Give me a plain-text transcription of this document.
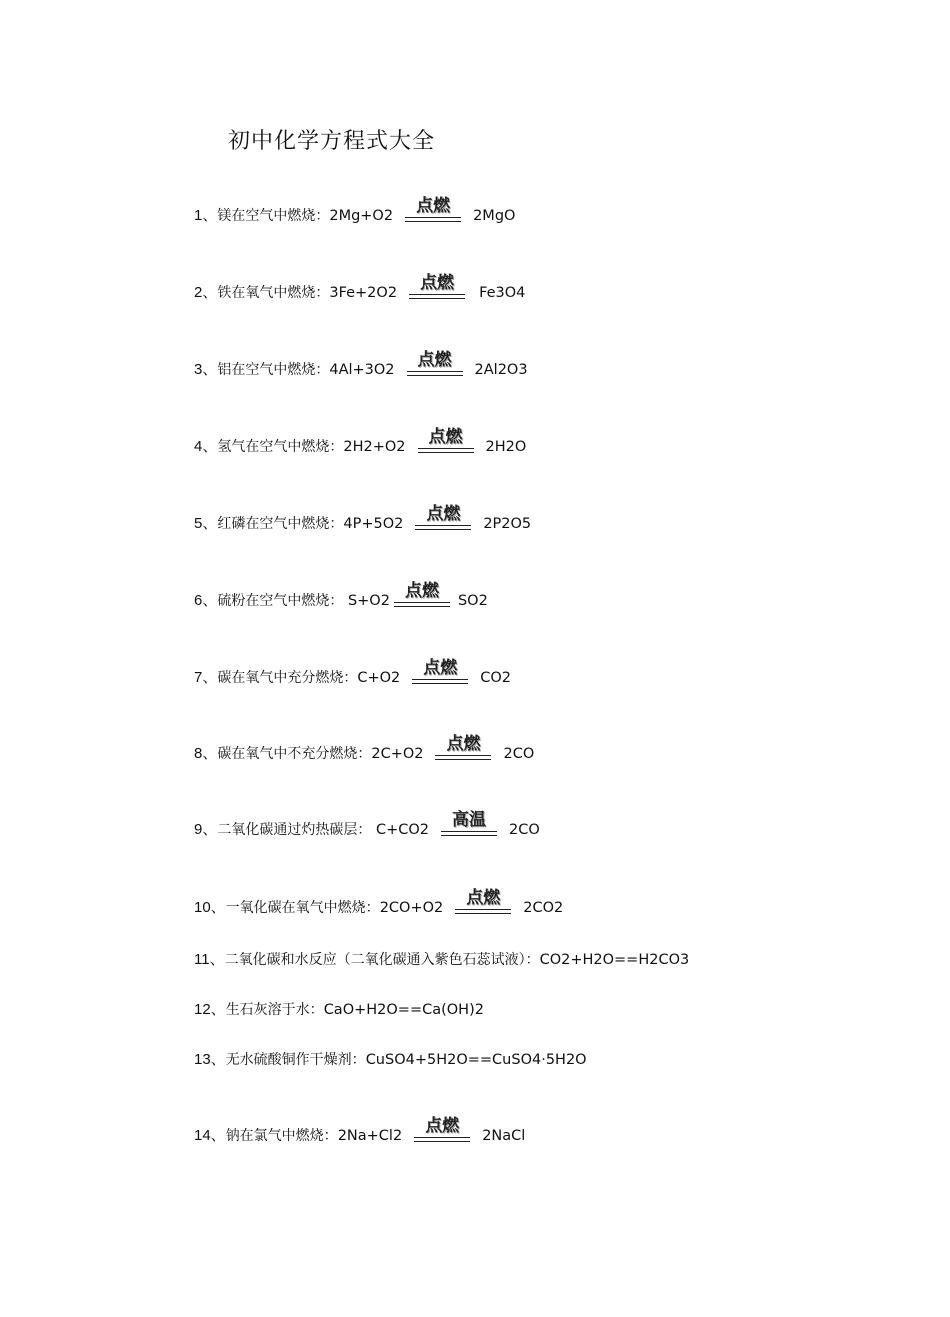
初中化学方程式大全
1、 镁在空气中燃烧： 2Mg+O2 点燃 2MgO
2、 铁在氧气中燃烧： 3Fe+2O2 点燃 Fe3O4
3、 铝在空气中燃烧： 4Al+3O2 点燃 2Al2O3
4、 氢气在空气中燃烧： 2H2+O2 点燃 2H2O
5、 红磷在空气中燃烧： 4P+5O2 点燃 2P2O5
6、 硫粉在空气中燃烧： S+O2 点燃 SO2
7、 碳在氧气中充分燃烧： C+O2 点燃 CO2
8、 碳在氧气中不充分燃烧： 2C+O2 点燃 2CO
9、 二氧化碳通过灼热碳层： C+CO2 高温 2CO
10、 一氧化碳在氧气中燃烧： 2CO+O2 点燃 2CO2
11、 二氧化碳和水反应（二氧化碳通入紫色石蕊试液）： CO2+H2O==H2CO3
12、 生石灰溶于水： CaO+H2O==Ca(OH)2
13、 无水硫酸铜作干燥剂： CuSO4+5H2O==CuSO4·5H2O
14、 钠在氯气中燃烧： 2Na+Cl2 点燃 2NaCl
